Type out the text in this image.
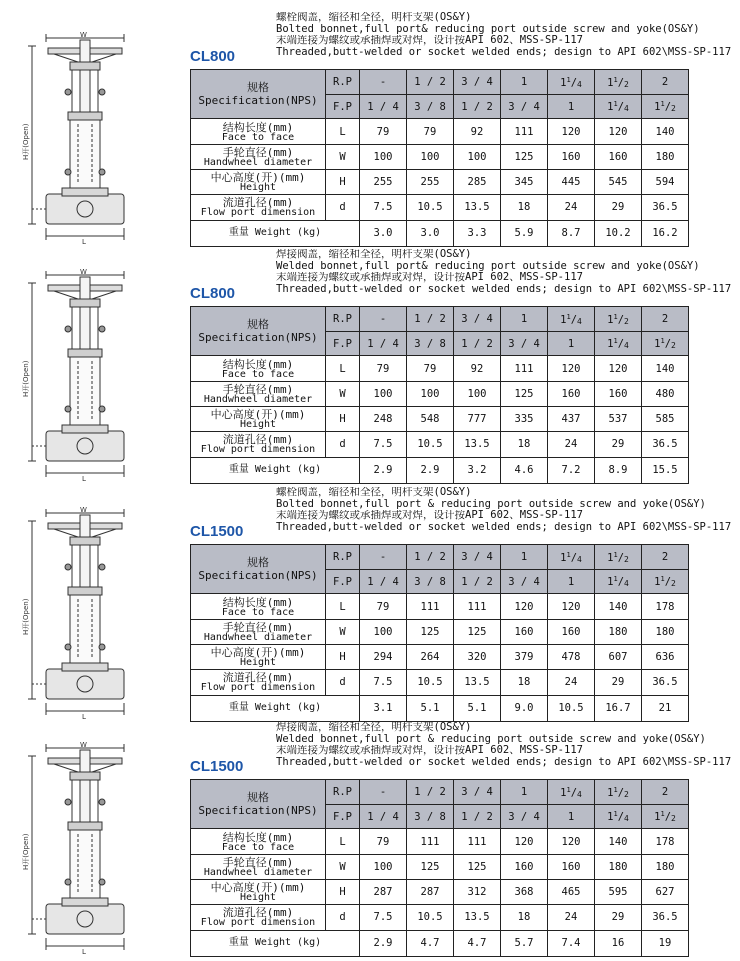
W
H开(Open)
L
螺栓阀盖，缩径和全径，明杆支架(OS&Y)
Bolted bonnet,full port& reducing port outside screw and yoke(OS&Y)
末端连接为螺纹或承插焊或对焊，设计按API 602、MSS-SP-117
Threaded,butt-welded or socket welded ends; design to API 602\MSS-SP-117
CL800
规格
Specification(NPS)	R.P	-	1 / 2	3 / 4	1	$1^1/_4$	$1^1/_2$	2
	F.P	1 / 4	3 / 8	1 / 2	3 / 4	1	$1^1/_4$	$1^1/_2$

结构长度(mm)
Face to face	L	79	79	92	111	120	120	140

手轮直径(mm)
Handwheel diameter	W	100	100	100	125	160	160	180

中心高度(开)(mm)
Height	H	255	255	285	345	445	545	594

流道孔径(mm)
Flow port dimension	d	7.5	10.5	13.5	18	24	29	36.5
重量 Weight (kg)		3.0	3.0	3.3	5.9	8.7	10.2	16.2
W
H开(Open)
L
焊接阀盖，缩径和全径，明杆支架(OS&Y)
Welded bonnet,full port& reducing port outside screw and yoke(OS&Y)
末端连接为螺纹或承插焊或对焊，设计按API 602、MSS-SP-117
Threaded,butt-welded or socket welded ends; design to API 602\MSS-SP-117
CL800
规格
Specification(NPS)	R.P	-	1 / 2	3 / 4	1	$1^1/_4$	$1^1/_2$	2
	F.P	1 / 4	3 / 8	1 / 2	3 / 4	1	$1^1/_4$	$1^1/_2$

结构长度(mm)
Face to face	L	79	79	92	111	120	120	140

手轮直径(mm)
Handwheel diameter	W	100	100	100	125	160	160	480

中心高度(开)(mm)
Height	H	248	548	777	335	437	537	585

流道孔径(mm)
Flow port dimension	d	7.5	10.5	13.5	18	24	29	36.5
重量 Weight (kg)		2.9	2.9	3.2	4.6	7.2	8.9	15.5
W
H开(Open)
L
螺栓阀盖，缩径和全径，明杆支架(OS&Y)
Bolted bonnet,full port & reducing port outside screw and yoke(OS&Y)
末端连接为螺纹或承插焊或对焊，设计按API 602、MSS-SP-117
Threaded,butt-welded or socket welded ends; design to API 602\MSS-SP-117
CL1500
规格
Specification(NPS)	R.P	-	1 / 2	3 / 4	1	$1^1/_4$	$1^1/_2$	2
	F.P	1 / 4	3 / 8	1 / 2	3 / 4	1	$1^1/_4$	$1^1/_2$

结构长度(mm)
Face to face	L	79	111	111	120	120	140	178

手轮直径(mm)
Handwheel diameter	W	100	125	125	160	160	180	180

中心高度(开)(mm)
Height	H	294	264	320	379	478	607	636

流道孔径(mm)
Flow port dimension	d	7.5	10.5	13.5	18	24	29	36.5
重量 Weight (kg)		3.1	5.1	5.1	9.0	10.5	16.7	21
W
H开(Open)
L
焊接阀盖，缩径和全径，明杆支架(OS&Y)
Welded bonnet,full port & reducing port outside screw and yoke(OS&Y)
末端连接为螺纹或承插焊或对焊，设计按API 602、MSS-SP-117
Threaded,butt-welded or socket welded ends; design to API 602\MSS-SP-117
CL1500
规格
Specification(NPS)	R.P	-	1 / 2	3 / 4	1	$1^1/_4$	$1^1/_2$	2
	F.P	1 / 4	3 / 8	1 / 2	3 / 4	1	$1^1/_4$	$1^1/_2$

结构长度(mm)
Face to face	L	79	111	111	120	120	140	178

手轮直径(mm)
Handwheel diameter	W	100	125	125	160	160	180	180

中心高度(开)(mm)
Height	H	287	287	312	368	465	595	627

流道孔径(mm)
Flow port dimension	d	7.5	10.5	13.5	18	24	29	36.5
重量 Weight (kg)		2.9	4.7	4.7	5.7	7.4	16	19
